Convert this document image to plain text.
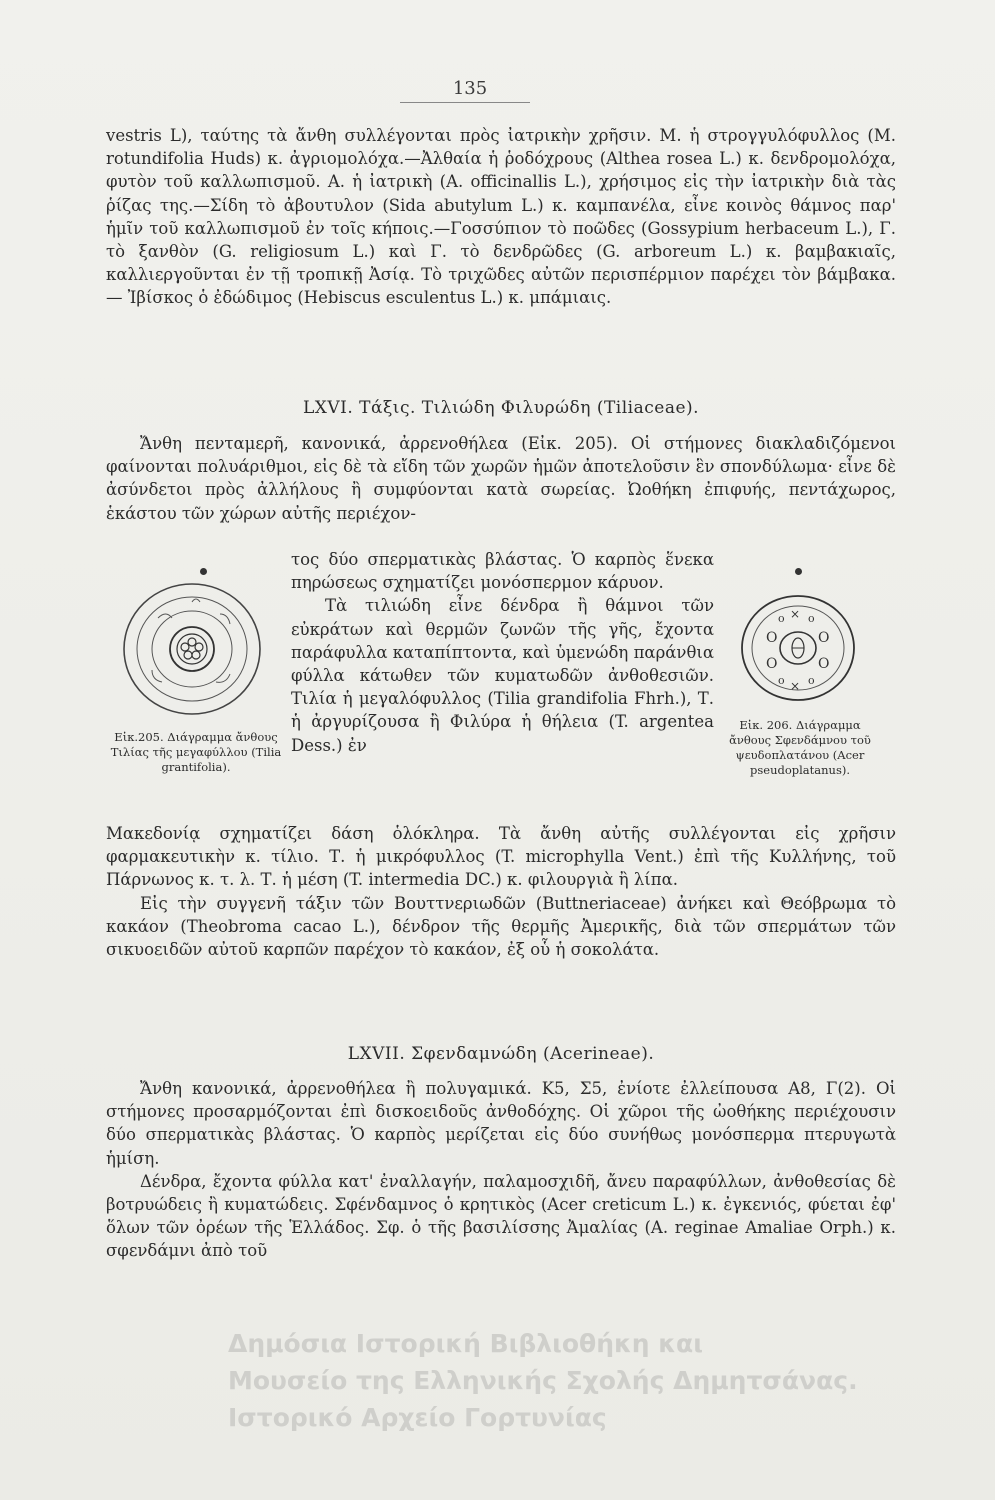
135

vestris L), ταύτης τὰ ἄνθη συλλέγονται πρὸς ἰατρικὴν χρῆσιν. Μ. ἡ στρογγυλόφυλλος (M. rotundifolia Huds) κ. ἀγριομολόχα.—Ἀλθαία ἡ ῥοδόχρους (Althea rosea L.) κ. δενδρομολόχα, φυτὸν τοῦ καλλωπισμοῦ. Α. ἡ ἰατρικὴ (A. officinallis L.), χρήσιμος εἰς τὴν ἰατρικὴν διὰ τὰς ῥίζας της.—Σίδη τὸ ἀβουτυλον (Sida abutylum L.) κ. καμπανέλα, εἶνε κοινὸς θάμνος παρ' ἡμῖν τοῦ καλλωπισμοῦ ἐν τοῖς κήποις.—Γοσσύπιον τὸ ποῶδες (Gossypium herbaceum L.), Γ. τὸ ξανθὸν (G. religiosum L.) καὶ Γ. τὸ δενδρῶδες (G. arboreum L.) κ. βαμβακιαῖς, καλλιεργοῦνται ἐν τῇ τροπικῇ Ἀσίᾳ. Τὸ τριχῶδες αὐτῶν περισπέρμιον παρέχει τὸν βάμβακα. — Ἰβίσκος ὁ ἐδώδιμος (Hebiscus esculentus L.) κ. μπάμιαις.

LXVI. Τάξις. Τιλιώδη Φιλυρώδη (Tiliaceae).

Ἄνθη πενταμερῆ, κανονικά, ἀρρενοθήλεα (Εἰκ. 205). Οἱ στήμονες διακλαδιζόμενοι φαίνονται πολυάριθμοι, εἰς δὲ τὰ εἴδη τῶν χωρῶν ἡμῶν ἀποτελοῦσιν ἓν σπονδύλωμα· εἶνε δὲ ἀσύνδετοι πρὸς ἀλλήλους ἢ συμφύονται κατὰ σωρείας. Ὠοθήκη ἐπιφυής, πεντάχωρος, ἑκάστου τῶν χώρων αὐτῆς περιέχον-

Εἰκ.205. Διάγραμμα ἄνθους Τιλίας τῆς μεγαφύλλου (Tilia grantifolia).

τος δύο σπερματικὰς βλάστας. Ὁ καρπὸς ἕνεκα πηρώσεως σχηματίζει μονόσπερμον κάρυον.

Τὰ τιλιώδη εἶνε δένδρα ἢ θάμνοι τῶν εὐκράτων καὶ θερμῶν ζωνῶν τῆς γῆς, ἔχοντα παράφυλλα καταπίπτοντα, καὶ ὑμενώδη παράνθια φύλλα κάτωθεν τῶν κυματωδῶν ἀνθοθεσιῶν. Τιλία ἡ μεγαλόφυλλος (Tilia grandifolia Fhrh.), Τ. ἡ ἀργυρίζουσα ἢ Φιλύρα ἡ θήλεια (T. argentea Dess.) ἐν

O	O
O	O
×
×
o o
o o
Εἰκ. 206. Διάγραμμα ἄνθους Σφενδάμνου τοῦ ψευδοπλατάνου (Acer pseudoplatanus).

Μακεδονίᾳ σχηματίζει δάση ὁλόκληρα. Τὰ ἄνθη αὐτῆς συλλέγονται εἰς χρῆσιν φαρμακευτικὴν κ. τίλιο. Τ. ἡ μικρόφυλλος (T. microphylla Vent.) ἐπὶ τῆς Κυλλήνης, τοῦ Πάρνωνος κ. τ. λ. Τ. ἡ μέση (T. intermedia DC.) κ. φιλουργιὰ ἢ λίπα.

Εἰς τὴν συγγενῆ τάξιν τῶν Βουττνεριωδῶν (Buttneriaceae) ἀνήκει καὶ Θεόβρωμα τὸ κακάον (Theobroma cacao L.), δένδρον τῆς θερμῆς Ἀμερικῆς, διὰ τῶν σπερμάτων τῶν σικυοειδῶν αὐτοῦ καρπῶν παρέχον τὸ κακάον, ἐξ οὗ ἡ σοκολάτα.

LXVII. Σφενδαμνώδη (Acerineae).

Ἄνθη κανονικά, ἀρρενοθήλεα ἢ πολυγαμικά. Κ5, Σ5, ἐνίοτε ἐλλείπουσα Α8, Γ(2). Οἱ στήμονες προσαρμόζονται ἐπὶ δισκοειδοῦς ἀνθοδόχης. Οἱ χῶροι τῆς ὠοθήκης περιέχουσιν δύο σπερματικὰς βλάστας. Ὁ καρπὸς μερίζεται εἰς δύο συνήθως μονόσπερμα πτερυγωτὰ ἡμίση.

Δένδρα, ἔχοντα φύλλα κατ' ἐναλλαγήν, παλαμοσχιδῆ, ἄνευ παραφύλλων, ἀνθοθεσίας δὲ βοτρυώδεις ἢ κυματώδεις. Σφένδαμνος ὁ κρητικὸς (Acer creticum L.) κ. ἐγκενιός, φύεται ἐφ' ὅλων τῶν ὀρέων τῆς Ἑλλάδος. Σφ. ὁ τῆς βασιλίσσης Ἀμαλίας (A. reginae Amaliae Orph.) κ. σφενδάμνι ἀπὸ τοῦ

Δημόσια Ιστορική Βιβλιοθήκη και
Μουσείο της Ελληνικής Σχολής Δημητσάνας.
Ιστορικό Αρχείο Γορτυνίας
